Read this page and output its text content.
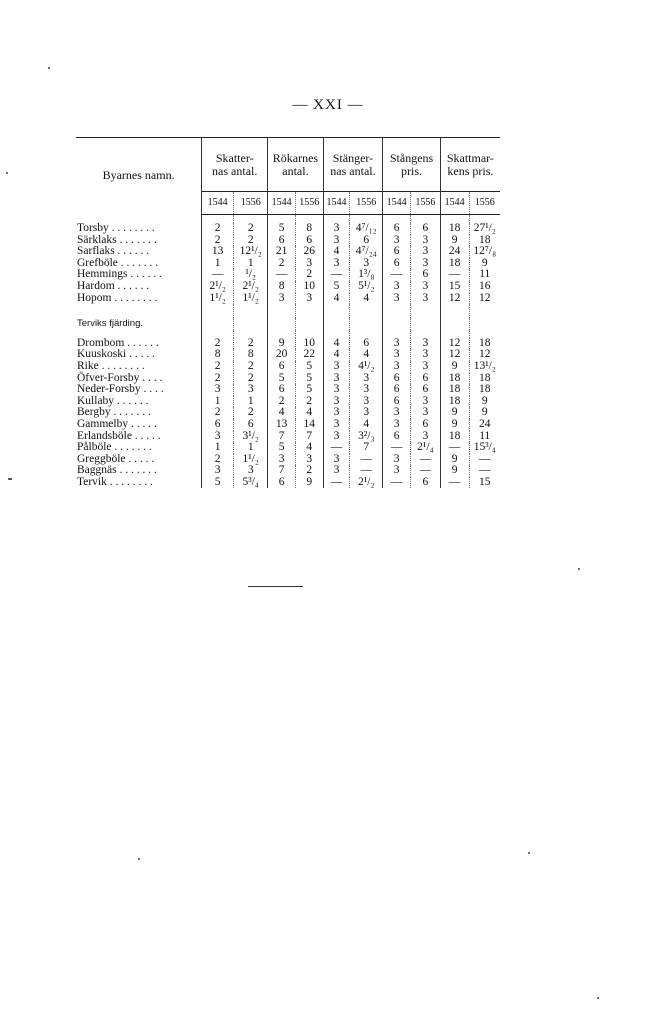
— XXI —
Byarnes namn.	Skatter-
nas antal.		Rökarnes
antal.		Stänger-
nas antal.		Stångens
pris.		Skattmar-
kens pris.	
	1544	1556	1544	1556	1544	1556	1544	1556	1544	1556

Torsby . . . . . . . .	2	2	5	8	3	4⁷/₁₂	6	6	18	27¹/₂
Särklaks . . . . . . .	2	2	6	6	3	6	3	3	9	18
Sarflaks . . . . . .	13	12¹/₂	21	26	4	4⁷/₂₄	6	3	24	12⁷/₈
Grefböle . . . . . . .	1	1	2	3	3	3	6	3	18	9
Hemmings . . . . . .	—	¹/₂	—	2	—	1³/₈	—	6	—	11
Hardom . . . . . .	2¹/₂	2¹/₂	8	10	5	5¹/₂	3	3	15	16
Hopom . . . . . . . .	1¹/₂	1¹/₂	3	3	4	4	3	3	12	12

Terviks fjärding.										

Drombom . . . . . .	2	2	9	10	4	6	3	3	12	18
Kuuskoski . . . . .	8	8	20	22	4	4	3	3	12	12
Rike . . . . . . . .	2	2	6	5	3	4¹/₂	3	3	9	13¹/₂
Öfver-Forsby . . . .	2	2	5	5	3	3	6	6	18	18
Neder-Forsby . . . .	3	3	6	5	3	3	6	6	18	18
Kullaby . . . . . .	1	1	2	2	3	3	6	3	18	9
Bergby . . . . . . .	2	2	4	4	3	3	3	3	9	9
Gammelby . . . . .	6	6	13	14	3	4	3	6	9	24
Erlandsböle . . . . .	3	3¹/₂	7	7	3	3²/₃	6	3	18	11
Pålböle . . . . . . .	1	1	5	4	—	7	—	2¹/₄	—	15³/₄
Greggböle . . . . .	2	1¹/₂	3	3	3	—	3	—	9	—
Baggnäs . . . . . . .	3	3	7	2	3	—	3	—	9	—
Tervik . . . . . . . .	5	5³/₄	6	9	—	2¹/₂	—	6	—	15
